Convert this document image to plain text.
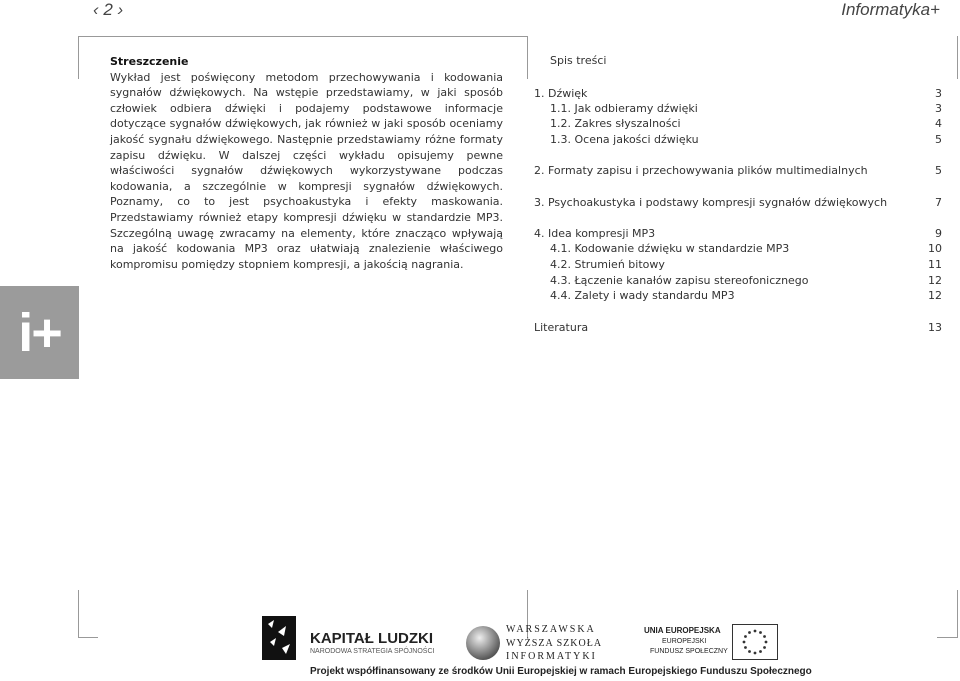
‹ 2 ›	Informatyka+
i+
Streszczenie

Wykład jest poświęcony metodom przechowywania i kodowania sygnałów dźwiękowych. Na wstępie przedstawiamy, w jaki sposób człowiek odbiera dźwięki i podajemy podstawowe informacje dotyczące sygnałów dźwiękowych, jak również w jaki sposób oceniamy jakość sygnału dźwiękowego. Następnie przedstawiamy różne formaty zapisu dźwięku. W dalszej części wykładu opisujemy pewne właściwości sygnałów dźwiękowych wykorzystywane podczas kodowania, a szczególnie w kompresji sygnałów dźwiękowych. Poznamy, co to jest psychoakustyka i efekty maskowania. Przedstawiamy również etapy kompresji dźwięku w standardzie MP3. Szczególną uwagę zwracamy na elementy, które znacząco wpływają na jakość kodowania MP3 oraz ułatwiają znalezienie właściwego kompromisu pomiędzy stopniem kompresji, a jakością nagrania.

Spis treści
1. Dźwięk	3
1.1. Jak odbieramy dźwięki	3
1.2. Zakres słyszalności	4
1.3. Ocena jakości dźwięku	5
2. Formaty zapisu i przechowywania plików multimedialnych	5
3. Psychoakustyka i podstawy kompresji sygnałów dźwiękowych	7
4. Idea kompresji MP3	9
4.1. Kodowanie dźwięku w standardzie MP3	10
4.2. Strumień bitowy	11
4.3. Łączenie kanałów zapisu stereofonicznego	12
4.4. Zalety i wady standardu MP3	12
Literatura	13
KAPITAŁ LUDZKI
NARODOWA STRATEGIA SPÓJNOŚCI
WARSZAWSKA
WYŻSZA SZKOŁA
INFORMATYKI
UNIA EUROPEJSKA
EUROPEJSKI
FUNDUSZ SPOŁECZNY
Projekt współfinansowany ze środków Unii Europejskiej w ramach Europejskiego Funduszu Społecznego
